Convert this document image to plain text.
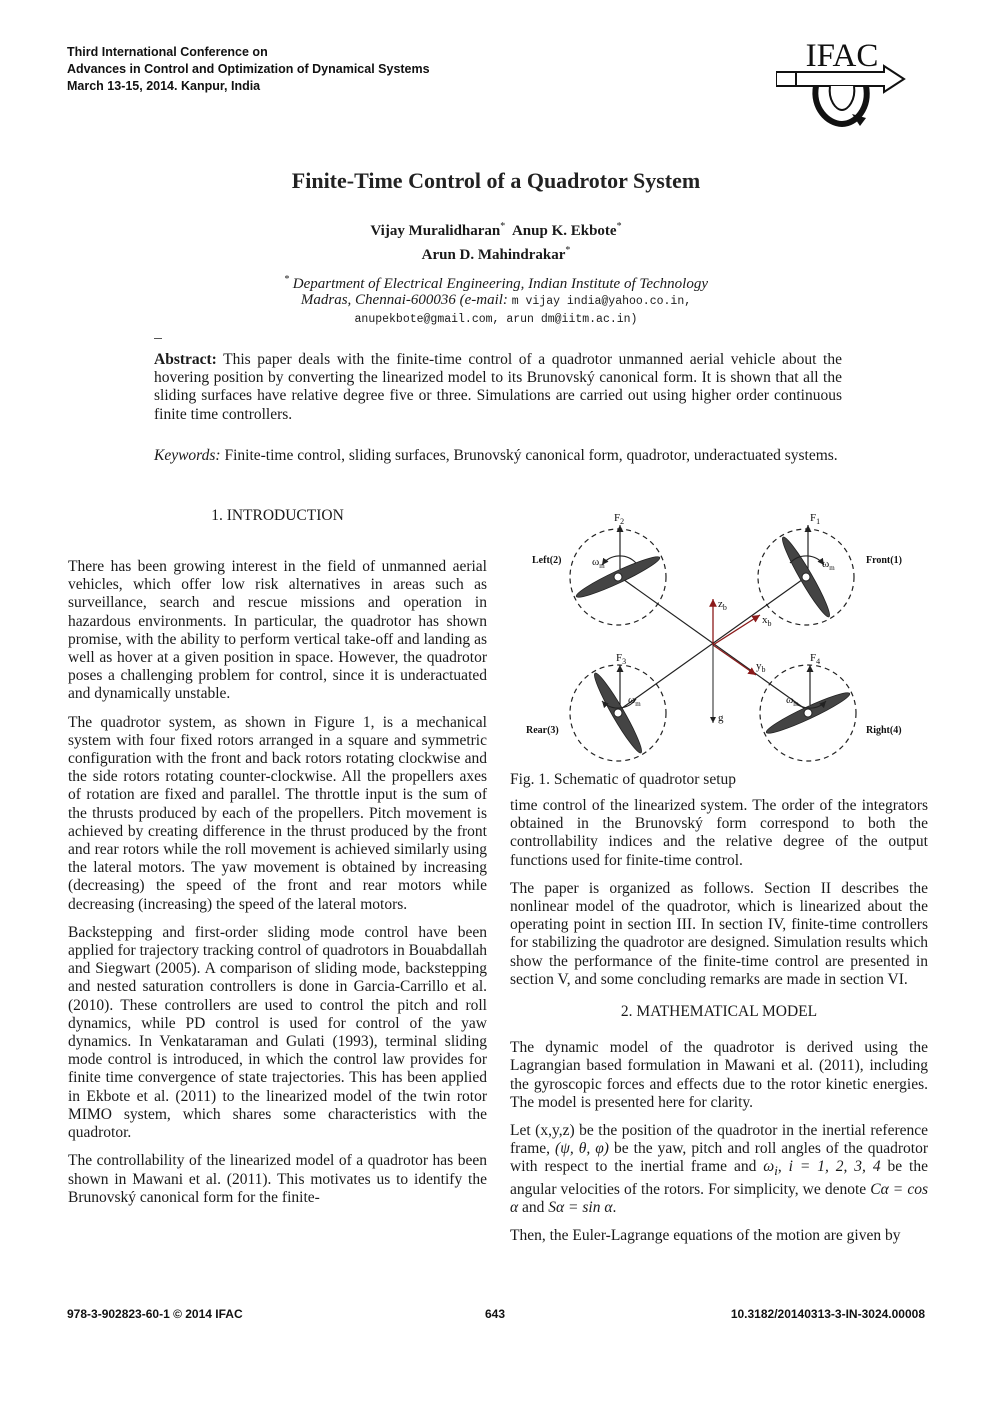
Third International Conference on
Advances in Control and Optimization of Dynamical Systems
March 13-15, 2014. Kanpur, India
IFAC
Finite-Time Control of a Quadrotor System
Vijay Muralidharan* Anup K. Ekbote*
Arun D. Mahindrakar*
* Department of Electrical Engineering, Indian Institute of Technology
Madras, Chennai-600036 (e-mail: m vijay india@yahoo.co.in,
anupekbote@gmail.com, arun dm@iitm.ac.in)
Abstract: This paper deals with the finite-time control of a quadrotor unmanned aerial vehicle about the hovering position by converting the linearized model to its Brunovský canonical form. It is shown that all the sliding surfaces have relative degree five or three. Simulations are carried out using higher order continuous finite time controllers.
Keywords: Finite-time control, sliding surfaces, Brunovský canonical form, quadrotor, underactuated systems.
1. INTRODUCTION

There has been growing interest in the field of unmanned aerial vehicles, which offer low risk alternatives in areas such as surveillance, search and rescue missions and operation in hazardous environments. In particular, the quadrotor has shown promise, with the ability to perform vertical take-off and landing as well as hover at a given position in space. However, the quadrotor poses a challenging problem for control, since it is underactuated and dynamically unstable.

The quadrotor system, as shown in Figure 1, is a mechanical system with four fixed rotors arranged in a square and symmetric configuration with the front and back rotors rotating clockwise and the side rotors rotating counter-clockwise. All the propellers axes of rotation are fixed and parallel. The throttle input is the sum of the thrusts produced by each of the propellers. Pitch movement is achieved by creating difference in the thrust produced by the front and rear rotors while the roll movement is achieved similarly using the lateral motors. The yaw movement is obtained by increasing (decreasing) the speed of the front and rear motors while decreasing (increasing) the speed of the lateral motors.

Backstepping and first-order sliding mode control have been applied for trajectory tracking control of quadrotors in Bouabdallah and Siegwart (2005). A comparison of sliding mode, backstepping and nested saturation controllers is done in Garcia-Carrillo et al. (2010). These controllers are used to control the pitch and roll dynamics, while PD control is used for control of the yaw dynamics. In Venkataraman and Gulati (1993), terminal sliding mode control is introduced, in which the control law provides for finite time convergence of state trajectories. This has been applied in Ekbote et al. (2011) to the linearized model of the twin rotor MIMO system, which shares some characteristics with the quadrotor.

The controllability of the linearized model of a quadrotor has been shown in Mawani et al. (2011). This motivates us to identify the Brunovský canonical form for the finite-

Left(2)	Front(1)
Rear(3)	Right(4)
$F_2$	$F_1$
$F_3$	$F_4$
$\omega_m$	$\omega_m$
$\omega_m$	$\omega_m$
$z_b$
$x_b$
$y_b$
g
Fig. 1. Schematic of quadrotor setup

time control of the linearized system. The order of the integrators obtained in the Brunovský form correspond to both the controllability indices and the relative degree of the output functions used for finite-time control.

The paper is organized as follows. Section II describes the nonlinear model of the quadrotor, which is linearized about the operating point in section III. In section IV, finite-time controllers for stabilizing the quadrotor are designed. Simulation results which show the performance of the finite-time control are presented in section V, and some concluding remarks are made in section VI.

2. MATHEMATICAL MODEL

The dynamic model of the quadrotor is derived using the Lagrangian based formulation in Mawani et al. (2011), including the gyroscopic forces and effects due to the rotor kinetic energies. The model is presented here for clarity.

Let (x,y,z) be the position of the quadrotor in the inertial reference frame, (ψ, θ, φ) be the yaw, pitch and roll angles of the quadrotor with respect to the inertial frame and $\omega_i$, i = 1, 2, 3, 4 be the angular velocities of the rotors. For simplicity, we denote Cα = cos α and Sα = sin α.

Then, the Euler-Lagrange equations of the motion are given by

978-3-902823-60-1 © 2014 IFAC	643	10.3182/20140313-3-IN-3024.00008
